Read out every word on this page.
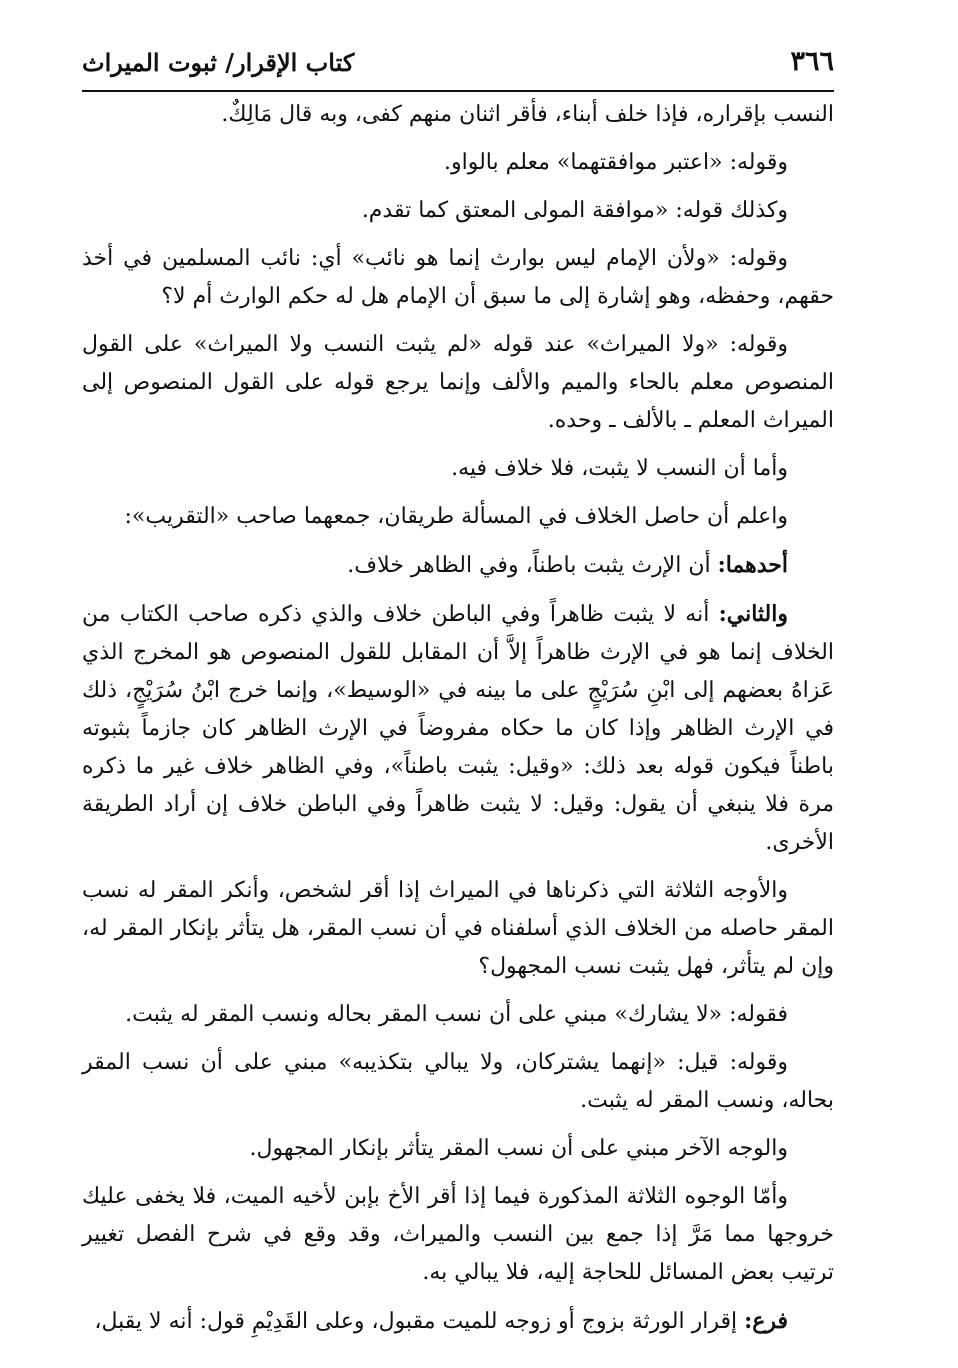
٣٦٦
كتاب الإقرار/ ثبوت الميراث

النسب بإقراره، فإذا خلف أبناء، فأقر اثنان منهم كفى، وبه قال مَالِكٌ.

وقوله: «اعتبر موافقتهما» معلم بالواو.

وكذلك قوله: «موافقة المولى المعتق كما تقدم.

وقوله: «ولأن الإمام ليس بوارث إنما هو نائب» أي: نائب المسلمين في أخذ حقهم، وحفظه، وهو إشارة إلى ما سبق أن الإمام هل له حكم الوارث أم لا؟

وقوله: «ولا الميراث» عند قوله «لم يثبت النسب ولا الميراث» على القول المنصوص معلم بالحاء والميم والألف وإنما يرجع قوله على القول المنصوص إلى الميراث المعلم ـ بالألف ـ وحده.

وأما أن النسب لا يثبت، فلا خلاف فيه.

واعلم أن حاصل الخلاف في المسألة طريقان، جمعهما صاحب «التقريب»:

أحدهما: أن الإرث يثبت باطناً، وفي الظاهر خلاف.

والثاني: أنه لا يثبت ظاهراً وفي الباطن خلاف والذي ذكره صاحب الكتاب من الخلاف إنما هو في الإرث ظاهراً إلاَّ أن المقابل للقول المنصوص هو المخرج الذي عَزاهُ بعضهم إلى ابْنِ سُرَيْجٍ على ما بينه في «الوسيط»، وإنما خرج ابْنُ سُرَيْجٍ، ذلك في الإرث الظاهر وإذا كان ما حكاه مفروضاً في الإرث الظاهر كان جازماً بثبوته باطناً فيكون قوله بعد ذلك: «وقيل: يثبت باطناً»، وفي الظاهر خلاف غير ما ذكره مرة فلا ينبغي أن يقول: وقيل: لا يثبت ظاهراً وفي الباطن خلاف إن أراد الطريقة الأخرى.

والأوجه الثلاثة التي ذكرناها في الميراث إذا أقر لشخص، وأنكر المقر له نسب المقر حاصله من الخلاف الذي أسلفناه في أن نسب المقر، هل يتأثر بإنكار المقر له، وإن لم يتأثر، فهل يثبت نسب المجهول؟

فقوله: «لا يشارك» مبني على أن نسب المقر بحاله ونسب المقر له يثبت.

وقوله: قيل: «إنهما يشتركان، ولا يبالي بتكذيبه» مبني على أن نسب المقر بحاله، ونسب المقر له يثبت.

والوجه الآخر مبني على أن نسب المقر يتأثر بإنكار المجهول.

وأمّا الوجوه الثلاثة المذكورة فيما إذا أقر الأخ بإبن لأخيه الميت، فلا يخفى عليك خروجها مما مَرَّ إذا جمع بين النسب والميراث، وقد وقع في شرح الفصل تغيير ترتيب بعض المسائل للحاجة إليه، فلا يبالي به.

فرع: إقرار الورثة بزوج أو زوجه للميت مقبول، وعلى القَدِيْمِ قول: أنه لا يقبل،
